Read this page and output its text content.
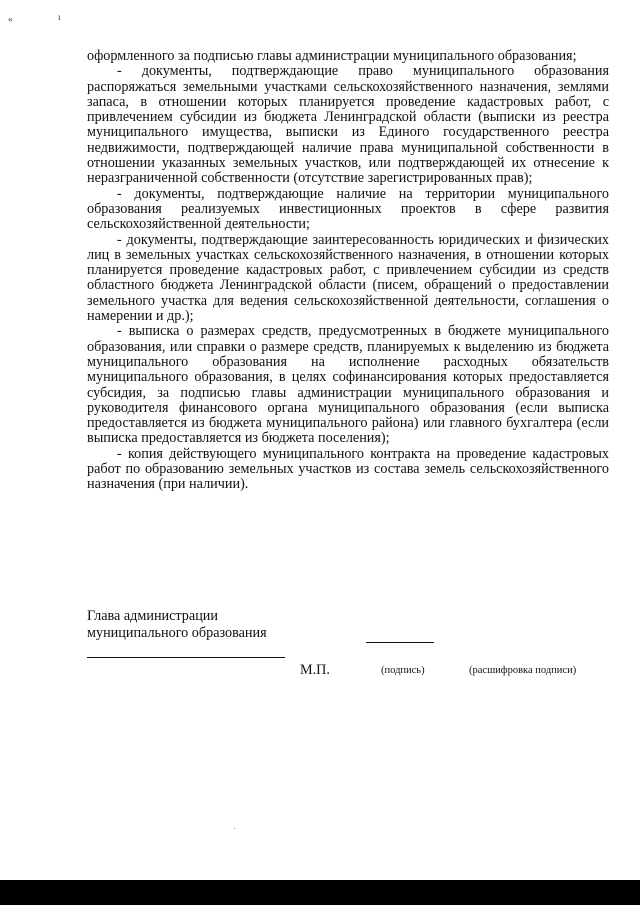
«	ı

оформленного за подписью главы администрации муниципального образования;

- документы, подтверждающие право муниципального образования распоряжаться земельными участками сельскохозяйственного назначения, землями запаса, в отношении которых планируется проведение кадастровых работ, с привлечением субсидии из бюджета Ленинградской области (выписки из реестра муниципального имущества, выписки из Единого государственного реестра недвижимости, подтверждающей наличие права муниципальной собственности в отношении указанных земельных участков, или подтверждающей их отнесение к неразграниченной собственности (отсутствие зарегистрированных прав);

- документы, подтверждающие наличие на территории муниципального образования реализуемых инвестиционных проектов в сфере развития сельскохозяйственной деятельности;

- документы, подтверждающие заинтересованность юридических и физических лиц в земельных участках сельскохозяйственного назначения, в отношении которых планируется проведение кадастровых работ, с привлечением субсидии из средств областного бюджета Ленинградской области (писем, обращений о предоставлении земельного участка для ведения сельскохозяйственной деятельности, соглашения о намерении и др.);

- выписка о размерах средств, предусмотренных в бюджете муниципального образования, или справки о размере средств, планируемых к выделению из бюджета муниципального образования на исполнение расходных обязательств муниципального образования, в целях софинансирования которых предоставляется субсидия, за подписью главы администрации муниципального образования и руководителя финансового органа муниципального образования (если выписка предоставляется из бюджета муниципального района) или главного бухгалтера (если выписка предоставляется из бюджета поселения);

- копия действующего муниципального контракта на проведение кадастровых работ по образованию земельных участков из состава земель сельскохозяйственного назначения (при наличии).

Глава администрации
муниципального образования
М.П.	(подпись)	(расшифровка подписи)
